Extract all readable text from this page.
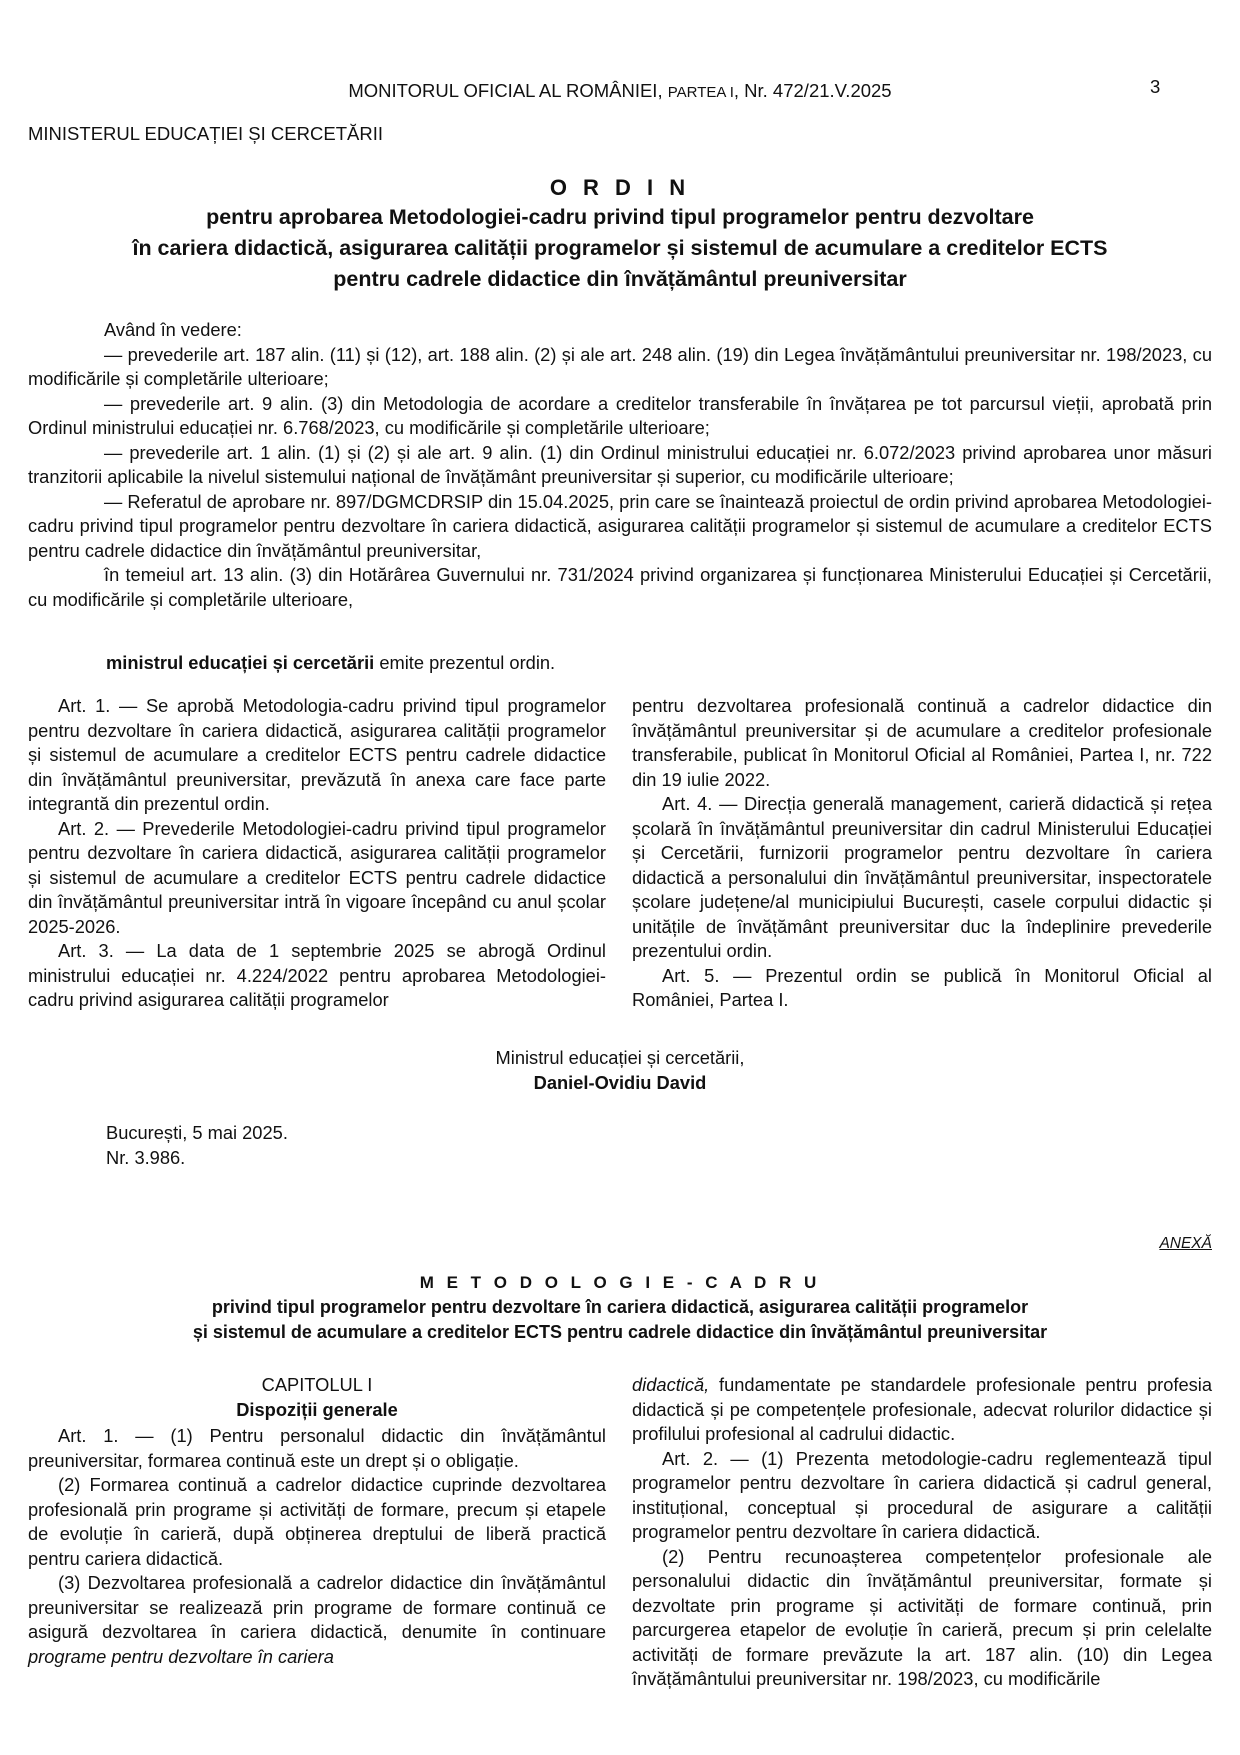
MONITORUL OFICIAL AL ROMÂNIEI, PARTEA I, Nr. 472/21.V.2025	3
MINISTERUL EDUCAȚIEI ȘI CERCETĂRII
O R D I N
pentru aprobarea Metodologiei-cadru privind tipul programelor pentru dezvoltare
în cariera didactică, asigurarea calității programelor și sistemul de acumulare a creditelor ECTS
pentru cadrele didactice din învățământul preuniversitar

Având în vedere:

— prevederile art. 187 alin. (11) și (12), art. 188 alin. (2) și ale art. 248 alin. (19) din Legea învățământului preuniversitar nr. 198/2023, cu modificările și completările ulterioare;

— prevederile art. 9 alin. (3) din Metodologia de acordare a creditelor transferabile în învățarea pe tot parcursul vieții, aprobată prin Ordinul ministrului educației nr. 6.768/2023, cu modificările și completările ulterioare;

— prevederile art. 1 alin. (1) și (2) și ale art. 9 alin. (1) din Ordinul ministrului educației nr. 6.072/2023 privind aprobarea unor măsuri tranzitorii aplicabile la nivelul sistemului național de învățământ preuniversitar și superior, cu modificările ulterioare;

— Referatul de aprobare nr. 897/DGMCDRSIP din 15.04.2025, prin care se înaintează proiectul de ordin privind aprobarea Metodologiei-cadru privind tipul programelor pentru dezvoltare în cariera didactică, asigurarea calității programelor și sistemul de acumulare a creditelor ECTS pentru cadrele didactice din învățământul preuniversitar,

în temeiul art. 13 alin. (3) din Hotărârea Guvernului nr. 731/2024 privind organizarea și funcționarea Ministerului Educației și Cercetării, cu modificările și completările ulterioare,

ministrul educației și cercetării emite prezentul ordin.

Art. 1. — Se aprobă Metodologia-cadru privind tipul programelor pentru dezvoltare în cariera didactică, asigurarea calității programelor și sistemul de acumulare a creditelor ECTS pentru cadrele didactice din învățământul preuniversitar, prevăzută în anexa care face parte integrantă din prezentul ordin.

Art. 2. — Prevederile Metodologiei-cadru privind tipul programelor pentru dezvoltare în cariera didactică, asigurarea calității programelor și sistemul de acumulare a creditelor ECTS pentru cadrele didactice din învățământul preuniversitar intră în vigoare începând cu anul școlar 2025-2026.

Art. 3. — La data de 1 septembrie 2025 se abrogă Ordinul ministrului educației nr. 4.224/2022 pentru aprobarea Metodologiei-cadru privind asigurarea calității programelor

pentru dezvoltarea profesională continuă a cadrelor didactice din învățământul preuniversitar și de acumulare a creditelor profesionale transferabile, publicat în Monitorul Oficial al României, Partea I, nr. 722 din 19 iulie 2022.

Art. 4. — Direcția generală management, carieră didactică și rețea școlară în învățământul preuniversitar din cadrul Ministerului Educației și Cercetării, furnizorii programelor pentru dezvoltare în cariera didactică a personalului din învățământul preuniversitar, inspectoratele școlare județene/al municipiului București, casele corpului didactic și unitățile de învățământ preuniversitar duc la îndeplinire prevederile prezentului ordin.

Art. 5. — Prezentul ordin se publică în Monitorul Oficial al României, Partea I.

Ministrul educației și cercetării,
Daniel-Ovidiu David
București, 5 mai 2025.
Nr. 3.986.
ANEXĂ
M E T O D O L O G I E - C A D R U
privind tipul programelor pentru dezvoltare în cariera didactică, asigurarea calității programelor
și sistemul de acumulare a creditelor ECTS pentru cadrele didactice din învățământul preuniversitar
CAPITOLUL I
Dispoziții generale

Art. 1. — (1) Pentru personalul didactic din învățământul preuniversitar, formarea continuă este un drept și o obligație.

(2) Formarea continuă a cadrelor didactice cuprinde dezvoltarea profesională prin programe și activități de formare, precum și etapele de evoluție în carieră, după obținerea dreptului de liberă practică pentru cariera didactică.

(3) Dezvoltarea profesională a cadrelor didactice din învățământul preuniversitar se realizează prin programe de formare continuă ce asigură dezvoltarea în cariera didactică, denumite în continuare programe pentru dezvoltare în cariera

didactică, fundamentate pe standardele profesionale pentru profesia didactică și pe competențele profesionale, adecvat rolurilor didactice și profilului profesional al cadrului didactic.

Art. 2. — (1) Prezenta metodologie-cadru reglementează tipul programelor pentru dezvoltare în cariera didactică și cadrul general, instituțional, conceptual și procedural de asigurare a calității programelor pentru dezvoltare în cariera didactică.

(2) Pentru recunoașterea competențelor profesionale ale personalului didactic din învățământul preuniversitar, formate și dezvoltate prin programe și activități de formare continuă, prin parcurgerea etapelor de evoluție în carieră, precum și prin celelalte activități de formare prevăzute la art. 187 alin. (10) din Legea învățământului preuniversitar nr. 198/2023, cu modificările
